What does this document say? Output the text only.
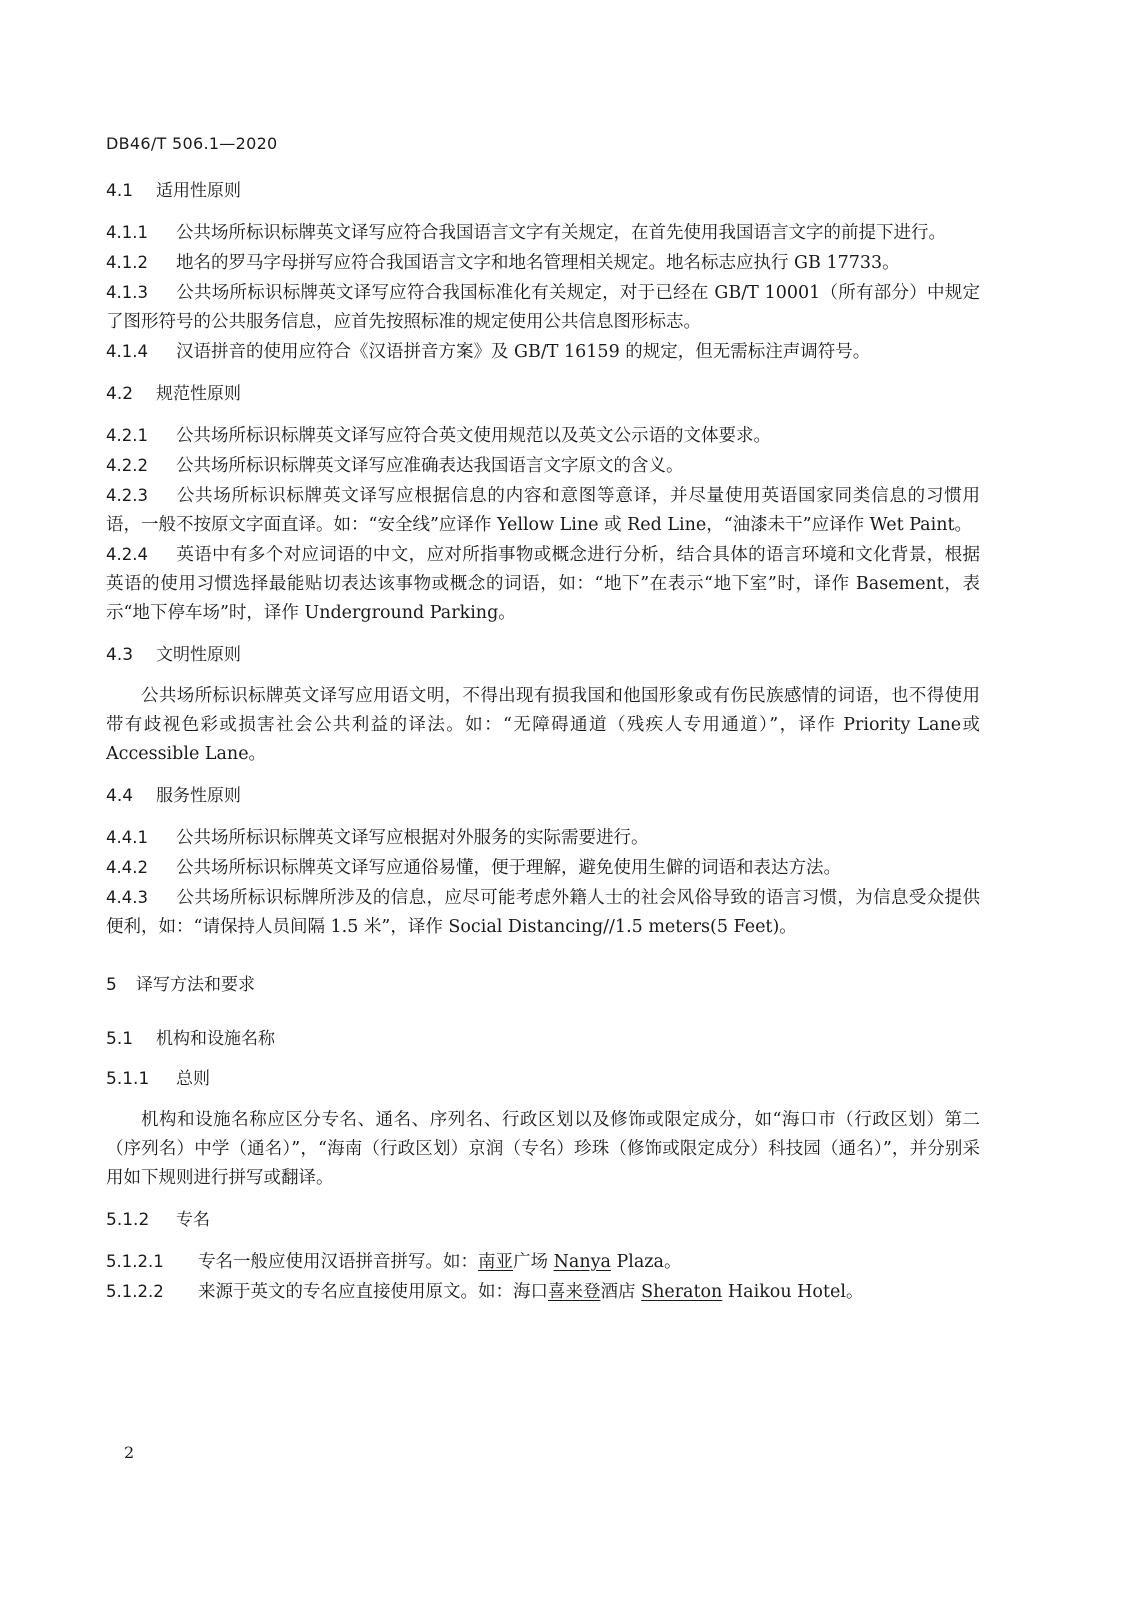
DB46/T 506.1—2020
4.1 适用性原则
4.1.1 公共场所标识标牌英文译写应符合我国语言文字有关规定，在首先使用我国语言文字的前提下进行。
4.1.2 地名的罗马字母拼写应符合我国语言文字和地名管理相关规定。地名标志应执行 GB 17733。
4.1.3 公共场所标识标牌英文译写应符合我国标准化有关规定，对于已经在 GB/T 10001（所有部分）中规定了图形符号的公共服务信息，应首先按照标准的规定使用公共信息图形标志。
4.1.4 汉语拼音的使用应符合《汉语拼音方案》及 GB/T 16159 的规定，但无需标注声调符号。
4.2 规范性原则
4.2.1 公共场所标识标牌英文译写应符合英文使用规范以及英文公示语的文体要求。
4.2.2 公共场所标识标牌英文译写应准确表达我国语言文字原文的含义。
4.2.3 公共场所标识标牌英文译写应根据信息的内容和意图等意译，并尽量使用英语国家同类信息的习惯用语，一般不按原文字面直译。如：“安全线”应译作 Yellow Line 或 Red Line，“油漆未干”应译作 Wet Paint。
4.2.4 英语中有多个对应词语的中文，应对所指事物或概念进行分析，结合具体的语言环境和文化背景，根据英语的使用习惯选择最能贴切表达该事物或概念的词语，如：“地下”在表示“地下室”时，译作 Basement，表示“地下停车场”时，译作 Underground Parking。
4.3 文明性原则
公共场所标识标牌英文译写应用语文明，不得出现有损我国和他国形象或有伤民族感情的词语，也不得使用带有歧视色彩或损害社会公共利益的译法。如：“无障碍通道（残疾人专用通道）”，译作 Priority Lane或Accessible Lane。
4.4 服务性原则
4.4.1 公共场所标识标牌英文译写应根据对外服务的实际需要进行。
4.4.2 公共场所标识标牌英文译写应通俗易懂，便于理解，避免使用生僻的词语和表达方法。
4.4.3 公共场所标识标牌所涉及的信息，应尽可能考虑外籍人士的社会风俗导致的语言习惯，为信息受众提供便利，如：“请保持人员间隔 1.5 米”，译作 Social Distancing//1.5 meters(5 Feet)。
5 译写方法和要求
5.1 机构和设施名称
5.1.1 总则
机构和设施名称应区分专名、通名、序列名、行政区划以及修饰或限定成分，如“海口市（行政区划）第二（序列名）中学（通名）”，“海南（行政区划）京润（专名）珍珠（修饰或限定成分）科技园（通名）”，并分别采用如下规则进行拼写或翻译。
5.1.2 专名
5.1.2.1 专名一般应使用汉语拼音拼写。如：南亚广场 Nanya Plaza。
5.1.2.2 来源于英文的专名应直接使用原文。如：海口喜来登酒店 Sheraton Haikou Hotel。
2
